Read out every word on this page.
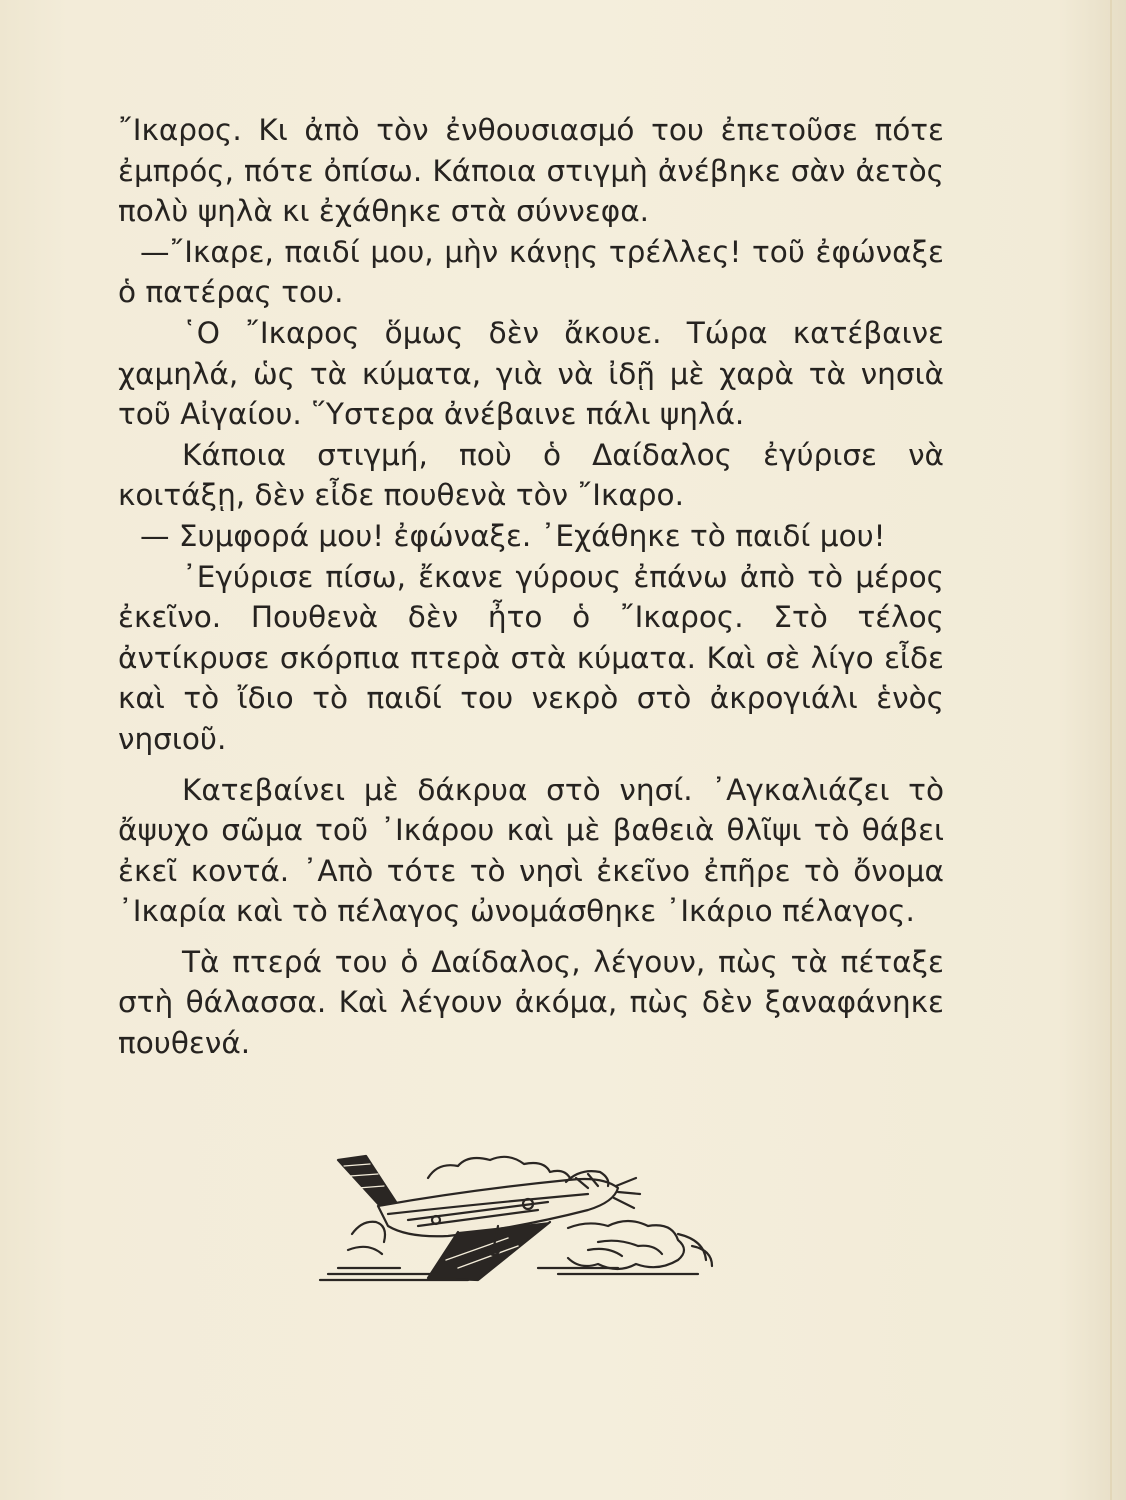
῎Ικαρος. Κι ἀπὸ τὸν ἐνθουσιασμό του ἐπετοῦσε πότε ἐμπρός, πότε ὀπίσω. Κάποια στιγμὴ ἀνέβηκε σὰν ἀετὸς πολὺ ψηλὰ κι ἐχάθηκε στὰ σύννεφα.

—῎Ικαρε, παιδί μου, μὴν κάνῃς τρέλλες! τοῦ ἐφώναξε ὁ πατέρας του.

῾Ο ῎Ικαρος ὅμως δὲν ἄκουε. Τώρα κατέβαινε χαμηλά, ὡς τὰ κύματα, γιὰ νὰ ἰδῇ μὲ χαρὰ τὰ νησιὰ τοῦ Αἰγαίου. ῞Υστερα ἀνέβαινε πάλι ψηλά.

Κάποια στιγμή, ποὺ ὁ Δαίδαλος ἐγύρισε νὰ κοιτάξῃ, δὲν εἶδε πουθενὰ τὸν ῎Ικαρο.

— Συμφορά μου! ἐφώναξε. ᾿Εχάθηκε τὸ παιδί μου!

᾿Εγύρισε πίσω, ἔκανε γύρους ἐπάνω ἀπὸ τὸ μέρος ἐκεῖνο. Πουθενὰ δὲν ἦτο ὁ ῎Ικαρος. Στὸ τέλος ἀντίκρυσε σκόρπια πτερὰ στὰ κύματα. Καὶ σὲ λίγο εἶδε καὶ τὸ ἴδιο τὸ παιδί του νεκρὸ στὸ ἀκρογιάλι ἑνὸς νησιοῦ.

Κατεβαίνει μὲ δάκρυα στὸ νησί. ᾿Αγκαλιάζει τὸ ἄψυχο σῶμα τοῦ ᾿Ικάρου καὶ μὲ βαθειὰ θλῖψι τὸ θάβει ἐκεῖ κοντά. ᾿Απὸ τότε τὸ νησὶ ἐκεῖνο ἐπῆρε τὸ ὄνομα ᾿Ικαρία καὶ τὸ πέλαγος ὠνομάσθηκε ᾿Ικάριο πέλαγος.

Τὰ πτερά του ὁ Δαίδαλος, λέγουν, πὼς τὰ πέταξε στὴ θάλασσα. Καὶ λέγουν ἀκόμα, πὼς δὲν ξαναφάνηκε πουθενά.
